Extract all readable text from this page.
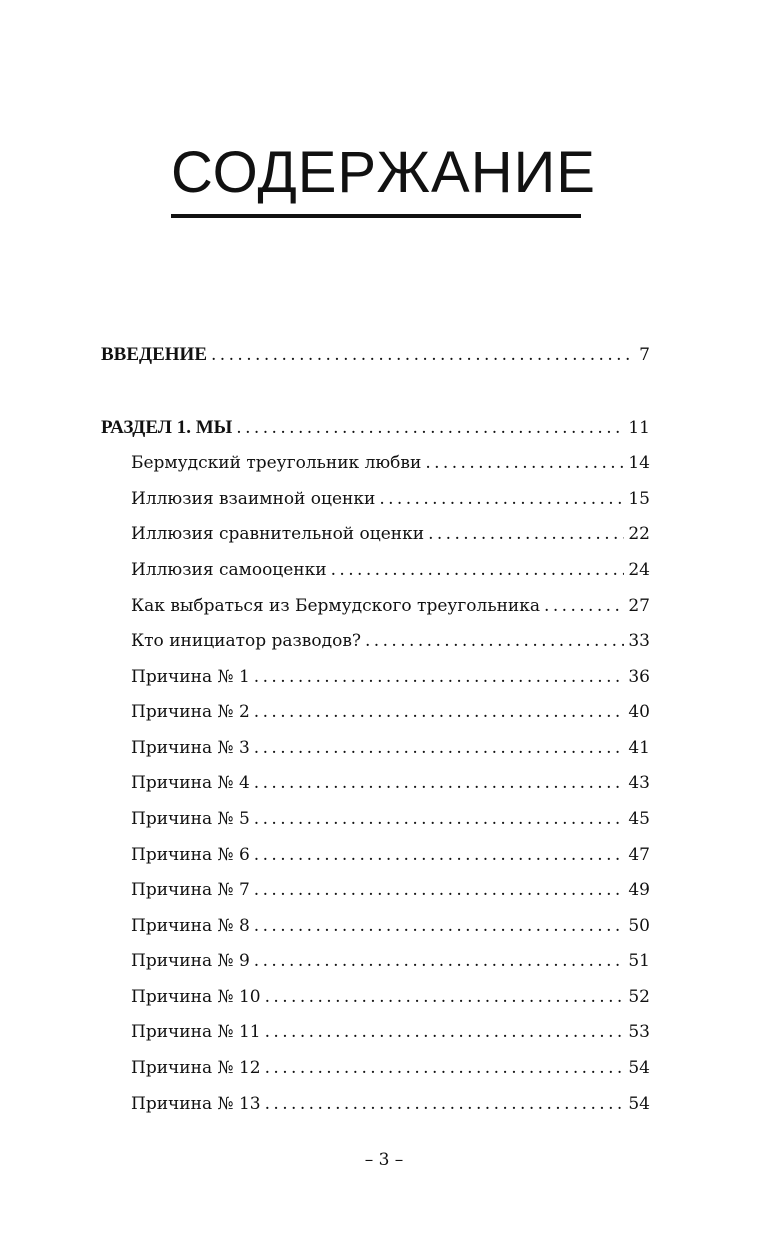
СОДЕРЖАНИЕ
ВВЕДЕНИЕ . . .	7
РАЗДЕЛ 1. МЫ . . .	11
Бермудский треугольник любви . . .	14
Иллюзия взаимной оценки . . .	15
Иллюзия сравнительной оценки . . .	22
Иллюзия самооценки . . .	24
Как выбраться из Бермудского треугольника . . .	27
Кто инициатор разводов? . . .	33
Причина № 1 . . .	36
Причина № 2 . . .	40
Причина № 3 . . .	41
Причина № 4 . . .	43
Причина № 5 . . .	45
Причина № 6 . . .	47
Причина № 7 . . .	49
Причина № 8 . . .	50
Причина № 9 . . .	51
Причина № 10 . . .	52
Причина № 11 . . .	53
Причина № 12 . . .	54
Причина № 13 . . .	54
– 3 –
